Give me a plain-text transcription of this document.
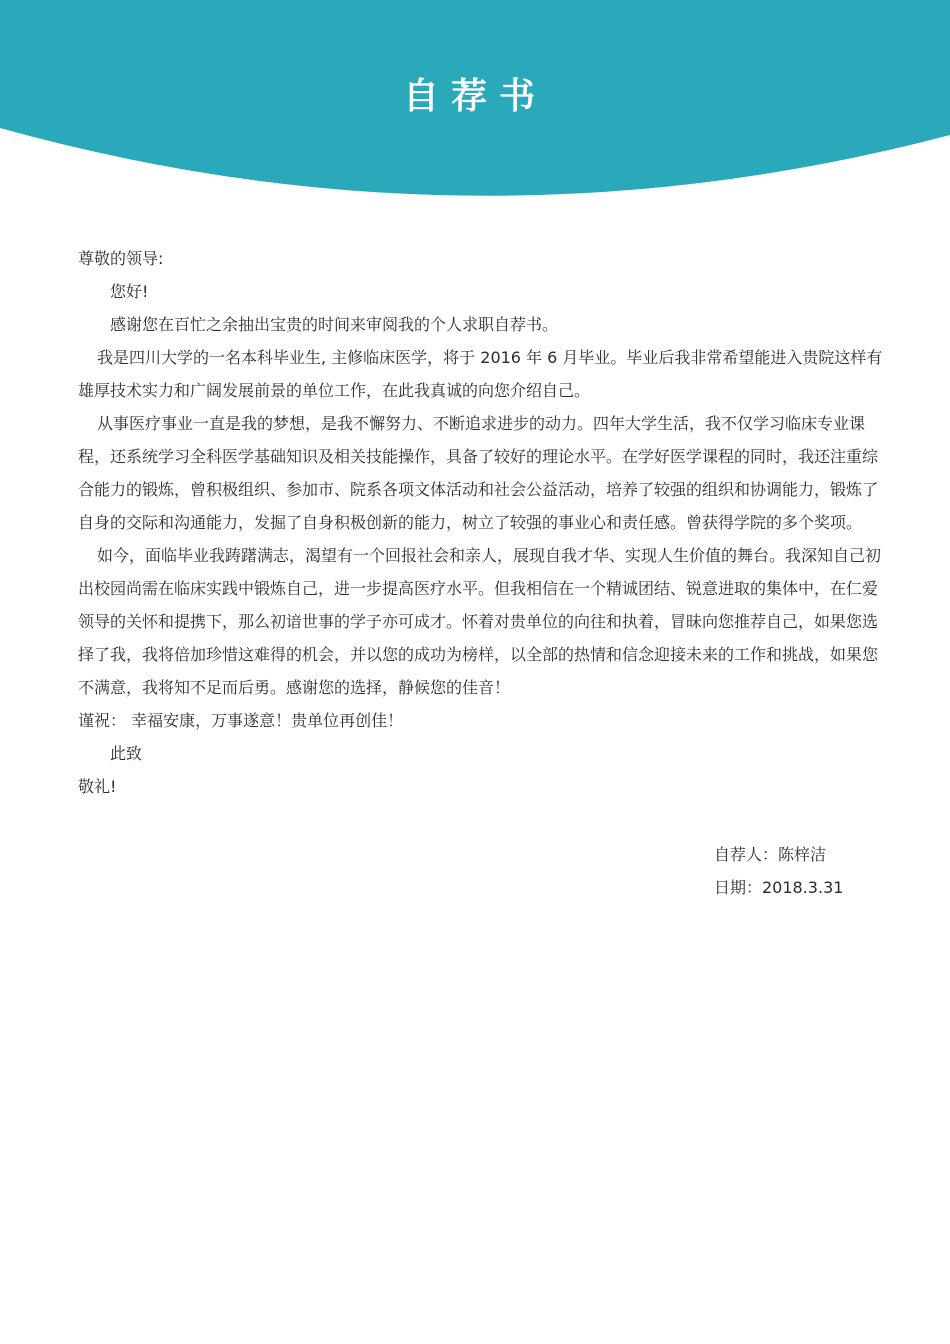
自荐书

尊敬的领导:

您好!

感谢您在百忙之余抽出宝贵的时间来审阅我的个人求职自荐书。

我是四川大学的一名本科毕业生, 主修临床医学，将于 2016 年 6 月毕业。毕业后我非常希望能进入贵院这样有雄厚技术实力和广阔发展前景的单位工作，在此我真诚的向您介绍自己。

从事医疗事业一直是我的梦想，是我不懈努力、不断追求进步的动力。四年大学生活，我不仅学习临床专业课程，还系统学习全科医学基础知识及相关技能操作，具备了较好的理论水平。在学好医学课程的同时，我还注重综合能力的锻炼，曾积极组织、参加市、院系各项文体活动和社会公益活动，培养了较强的组织和协调能力，锻炼了自身的交际和沟通能力，发掘了自身积极创新的能力，树立了较强的事业心和责任感。曾获得学院的多个奖项。

如今，面临毕业我踌躇满志，渴望有一个回报社会和亲人，展现自我才华、实现人生价值的舞台。我深知自己初出校园尚需在临床实践中锻炼自己，进一步提高医疗水平。但我相信在一个精诚团结、锐意进取的集体中，在仁爱领导的关怀和提携下，那么初谙世事的学子亦可成才。怀着对贵单位的向往和执着，冒昧向您推荐自己，如果您选择了我，我将倍加珍惜这难得的机会，并以您的成功为榜样，以全部的热情和信念迎接未来的工作和挑战，如果您不满意，我将知不足而后勇。感谢您的选择，静候您的佳音！

谨祝： 幸福安康，万事遂意！贵单位再创佳！

此致

敬礼!

自荐人：陈梓洁

日期：2018.3.31
